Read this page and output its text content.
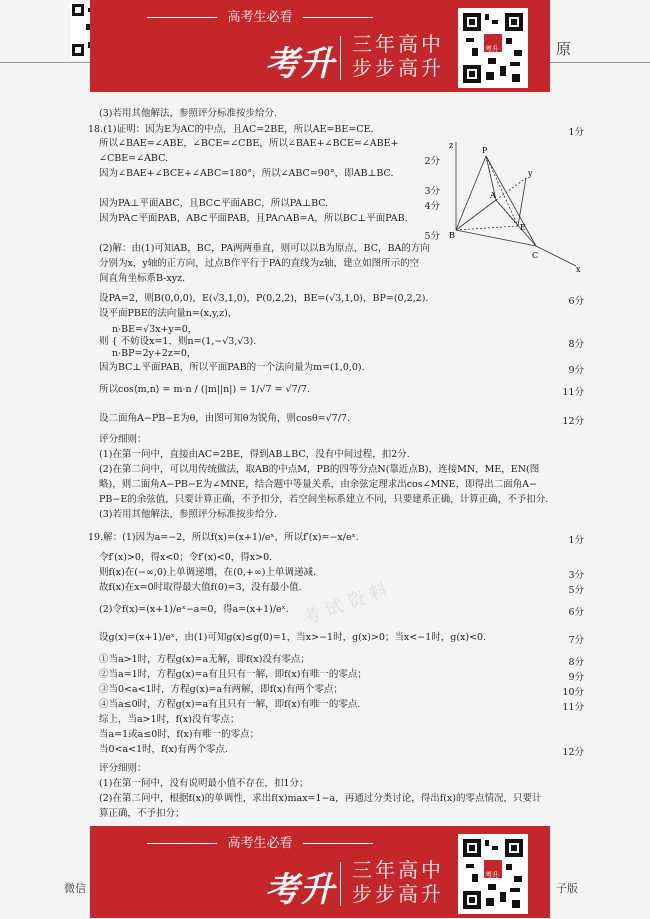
原
高考生必看
考升 三年高中
步步高升
考升
(3)若用其他解法，参照评分标准按步给分.
18.(1)证明：因为E为AC的中点，且AC=2BE，所以AE=BE=CE.	1分
所以∠BAE=∠ABE，∠BCE=∠CBE，所以∠BAE+∠BCE=∠ABE+
∠CBE=∠ABC.	2分
因为∠BAE+∠BCE+∠ABC=180°，所以∠ABC=90°，即AB⊥BC.
3分
因为PA⊥平面ABC，且BC⊂平面ABC，所以PA⊥BC.	4分
因为PA⊂平面PAB，AB⊂平面PAB，且PA∩AB=A，所以BC⊥平面PAB.
5分
(2)解：由(1)可知AB，BC，PA两两垂直，则可以以B为原点，BC，BA的方向
分别为x，y轴的正方向，过点B作平行于PA的直线为z轴，建立如图所示的空
间直角坐标系B-xyz.
P
z
y
A
E
B
C
x
设PA=2，则B(0,0,0)，E(√3,1,0)，P(0,2,2)，BE=(√3,1,0)，BP=(0,2,2).	6分
设平面PBE的法向量n=(x,y,z)，
n·BE=√3x+y=0，
则 { 不妨设x=1，则n=(1,−√3,√3).	8分
n·BP=2y+2z=0，
因为BC⊥平面PAB，所以平面PAB的一个法向量为m=(1,0,0).	9分
所以cos⟨m,n⟩ = m·n / (|m||n|) = 1/√7 = √7/7.	11分
设二面角A−PB−E为θ，由图可知θ为锐角，则cosθ=√7/7.	12分
评分细则：
(1)在第一问中，直接由AC=2BE，得到AB⊥BC，没有中间过程，扣2分.
(2)在第二问中，可以用传统做法，取AB的中点M，PB的四等分点N(靠近点B)，连接MN，ME，EN(图
略)，则二面角A−PB−E为∠MNE，结合题中等量关系，由余弦定理求出cos∠MNE，即得出二面角A−
PB−E的余弦值，只要计算正确，不予扣分，若空间坐标系建立不同，只要建系正确，计算正确，不予扣分.
(3)若用其他解法，参照评分标准按步给分.
19.解：(1)因为a=−2，所以f(x)=(x+1)/eˣ，所以f′(x)=−x/eˣ.	1分
令f′(x)>0，得x<0；令f′(x)<0，得x>0.
则f(x)在(−∞,0)上单调递增，在(0,+∞)上单调递减.	3分
故f(x)在x=0时取得最大值f(0)=3，没有最小值.	5分
(2)令f(x)=(x+1)/eˣ−a=0，得a=(x+1)/eˣ.	6分
设g(x)=(x+1)/eˣ，由(1)可知g(x)≤g(0)=1，当x>−1时，g(x)>0；当x<−1时，g(x)<0.	7分
①当a>1时，方程g(x)=a无解，即f(x)没有零点；	8分
②当a=1时，方程g(x)=a有且只有一解，即f(x)有唯一的零点；	9分
③当0<a<1时，方程g(x)=a有两解，即f(x)有两个零点；	10分
④当a≤0时，方程g(x)=a有且只有一解，即f(x)有唯一的零点.	11分
综上，当a>1时，f(x)没有零点；
当a=1或a≤0时，f(x)有唯一的零点；
当0<a<1时，f(x)有两个零点.	12分
评分细则：
(1)在第一问中，没有说明最小值不存在，扣1分；
(2)在第二问中，根据f(x)的单调性，求出f(x)max=1−a，再通过分类讨论，得出f(x)的零点情况，只要计
算正确，不予扣分；
考 试 资 料
高考生必看
考升 三年高中
步步高升
考升
微信	子版
